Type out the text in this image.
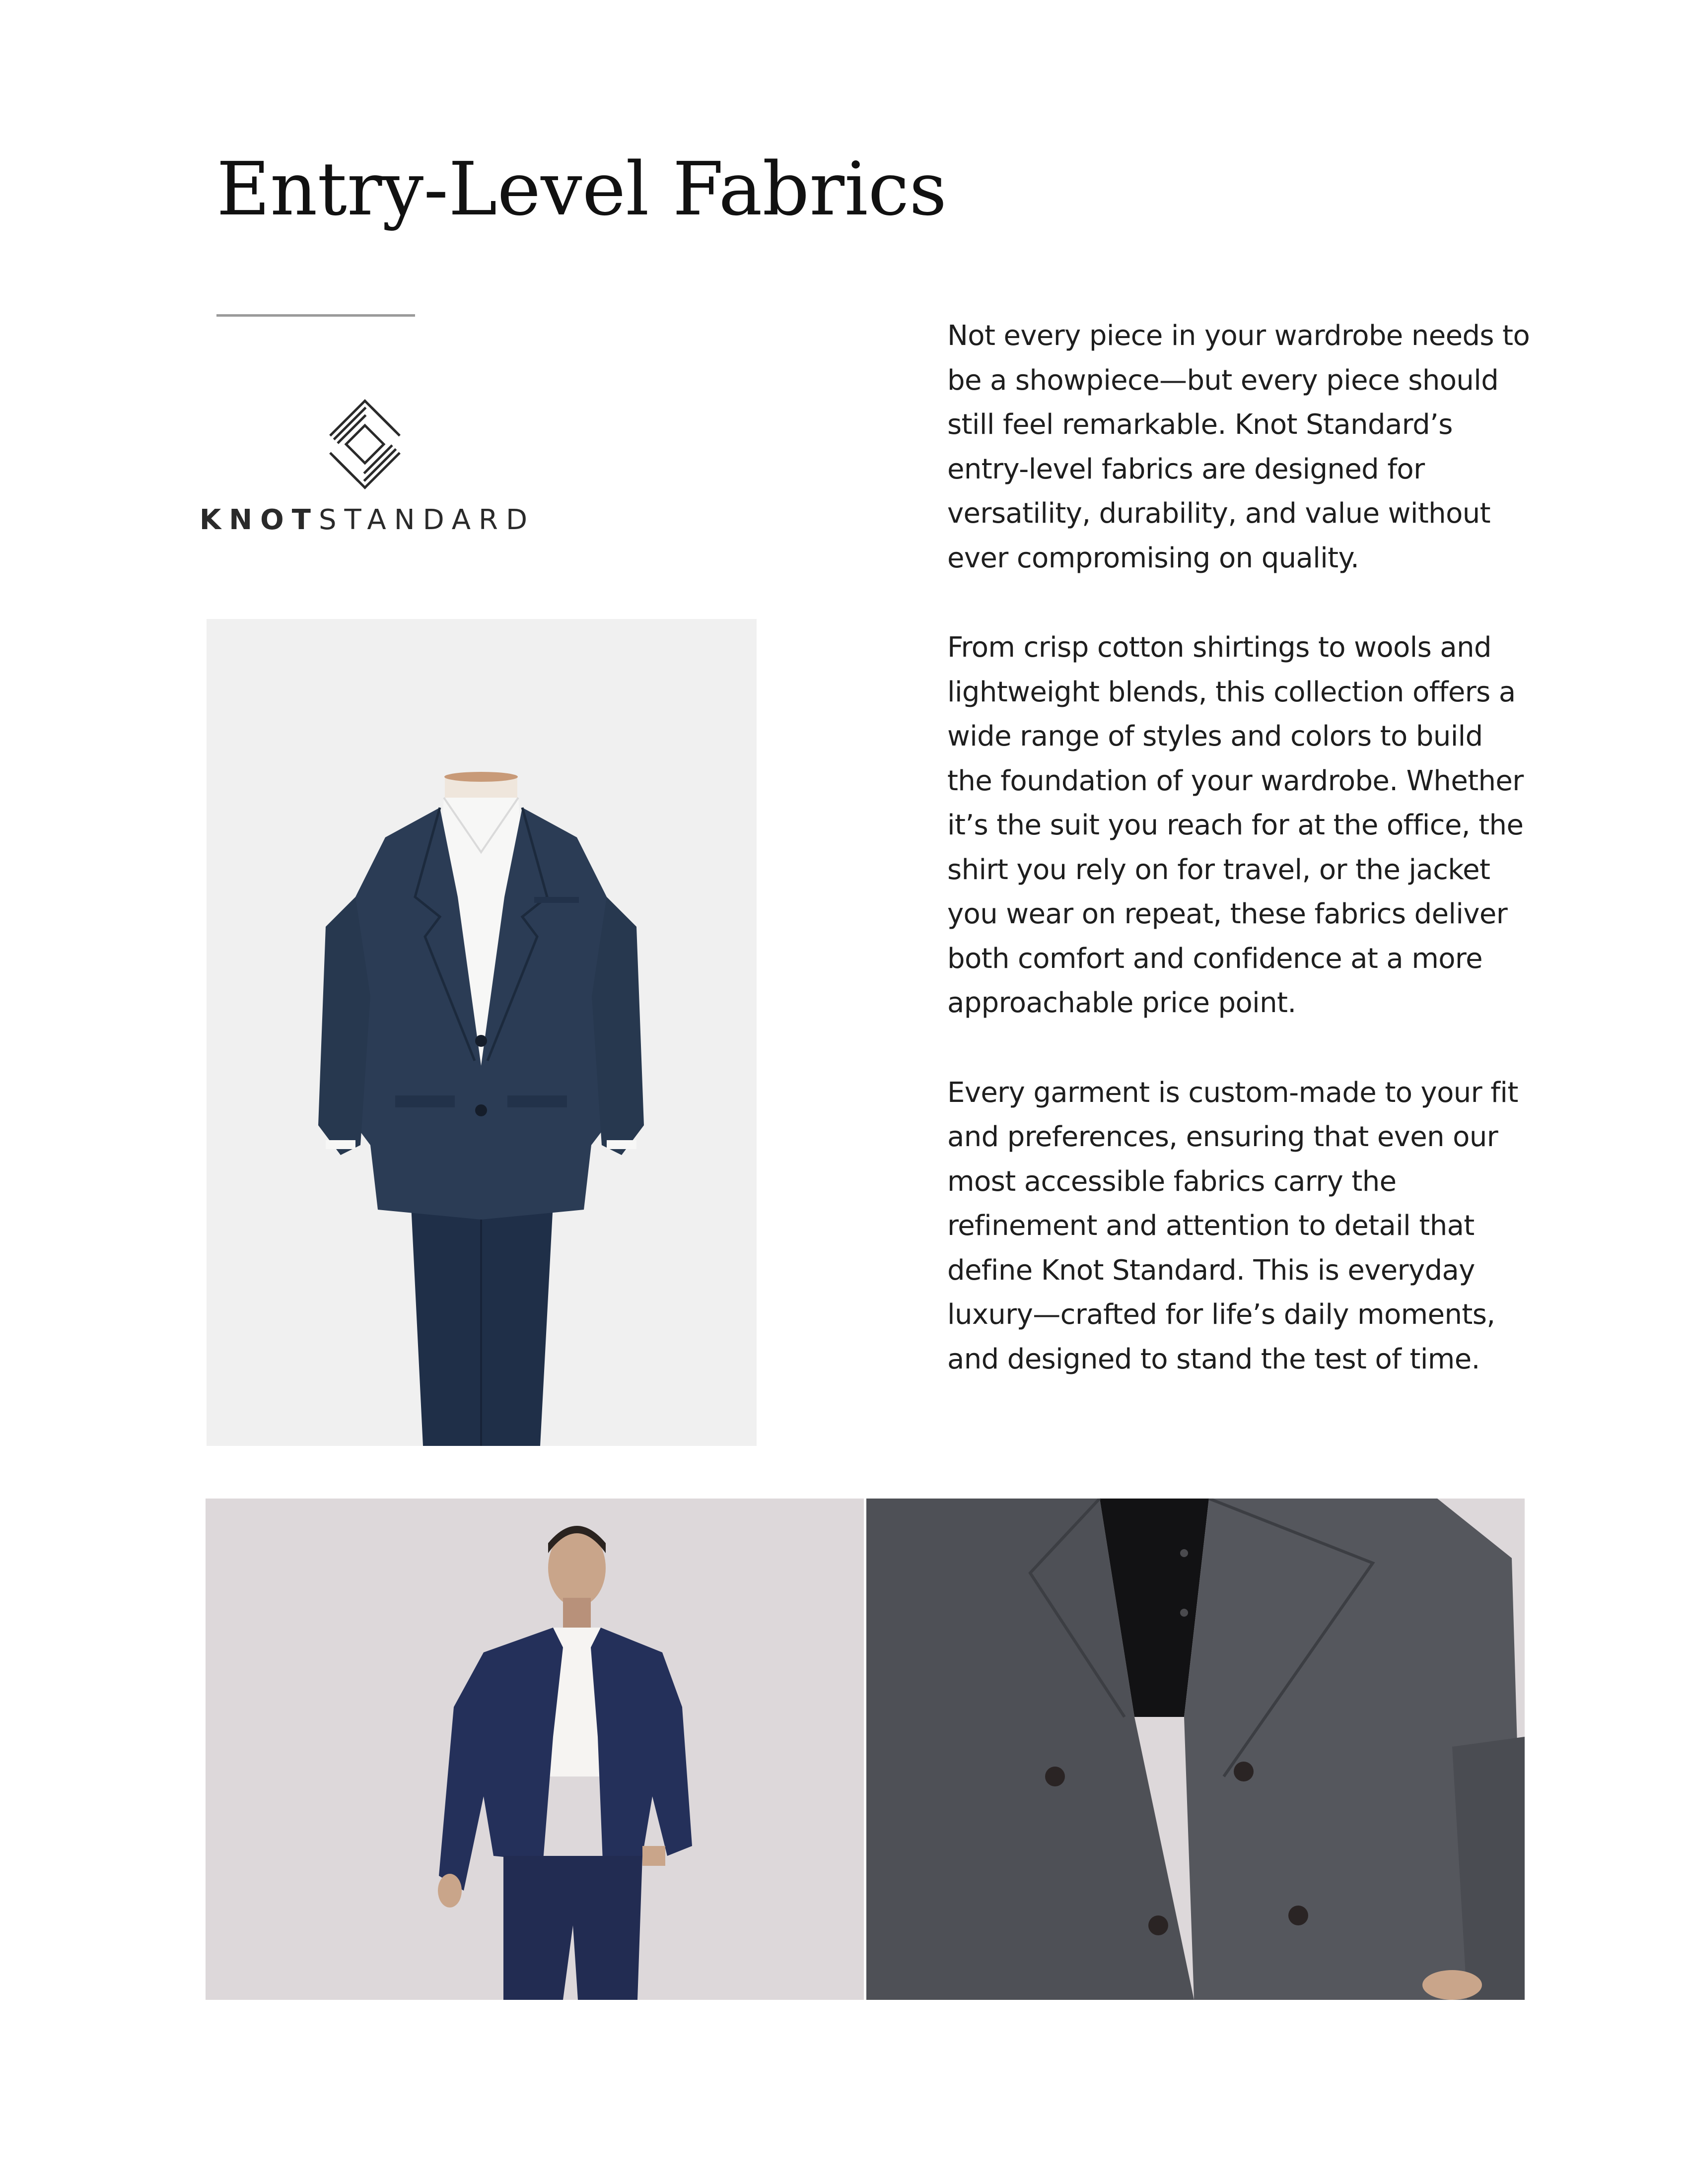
Entry-Level Fabrics
KNOTSTANDARD

Not every piece in your wardrobe needs to be a showpiece—but every piece should still feel remarkable. Knot Standard’s entry-level fabrics are designed for versatility, durability, and value without ever compromising on quality.

From crisp cotton shirtings to wools and lightweight blends, this collection offers a wide range of styles and colors to build the foundation of your wardrobe. Whether it’s the suit you reach for at the office, the shirt you rely on for travel, or the jacket you wear on repeat, these fabrics deliver both comfort and confidence at a more approachable price point.

Every garment is custom-made to your fit and preferences, ensuring that even our most accessible fabrics carry the refinement and attention to detail that define Knot Standard. This is everyday luxury—crafted for life’s daily moments, and designed to stand the test of time.
